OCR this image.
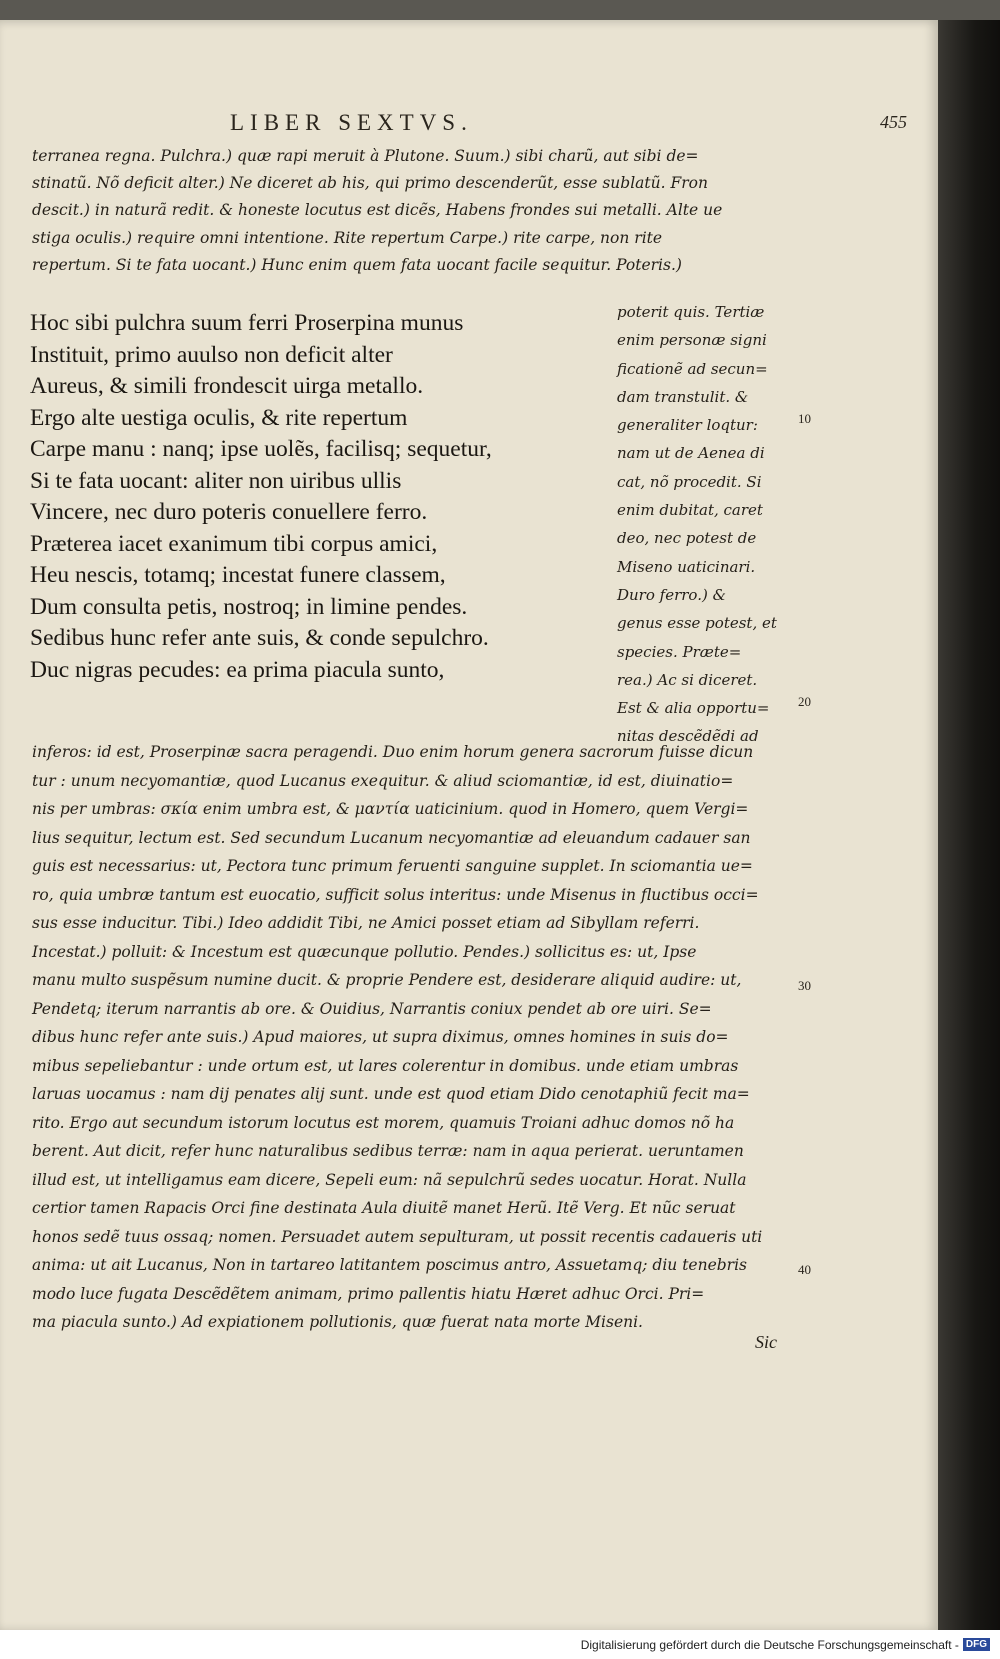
LIBER SEXTVS.	455
terranea regna. Pulchra.) quæ rapi meruit à Plutone. Suum.) sibi charũ, aut sibi de=
stinatũ. Nõ deficit alter.) Ne diceret ab his, qui primo descenderũt, esse sublatũ. Fron
descit.) in naturã redit. & honeste locutus est dicẽs, Habens frondes sui metalli. Alte ue
stiga oculis.) require omni intentione. Rite repertum Carpe.) rite carpe, non rite
repertum. Si te fata uocant.) Hunc enim quem fata uocant facile sequitur. Poteris.)
Hoc sibi pulchra suum ferri Proserpina munus
Instituit, primo auulso non deficit alter
Aureus, & simili frondescit uirga metallo.
Ergo alte uestiga oculis, & rite repertum
Carpe manu : nanq; ipse uolẽs, facilisq; sequetur,
Si te fata uocant: aliter non uiribus ullis
Vincere, nec duro poteris conuellere ferro.
Præterea iacet exanimum tibi corpus amici,
Heu nescis, totamq; incestat funere classem,
Dum consulta petis, nostroq; in limine pendes.
Sedibus hunc refer ante suis, & conde sepulchro.
Duc nigras pecudes: ea prima piacula sunto,
poterit quis. Tertiæ
enim personæ signi
ficationẽ ad secun=
dam transtulit. &
generaliter loqtur:
nam ut de Aenea di
cat, nõ procedit. Si
enim dubitat, caret
deo, nec potest de
Miseno uaticinari.
Duro ferro.) &
genus esse potest, et
species. Præte=
rea.) Ac si diceret.
Est & alia opportu=
nitas descẽdẽdi ad
inferos: id est, Proserpinæ sacra peragendi. Duo enim horum genera sacrorum fuisse dicun
tur : unum necyomantiæ, quod Lucanus exequitur. & aliud sciomantiæ, id est, diuinatio=
nis per umbras: σκία enim umbra est, & μαντία uaticinium. quod in Homero, quem Vergi=
lius sequitur, lectum est. Sed secundum Lucanum necyomantiæ ad eleuandum cadauer san
guis est necessarius: ut, Pectora tunc primum feruenti sanguine supplet. In sciomantia ue=
ro, quia umbræ tantum est euocatio, sufficit solus interitus: unde Misenus in fluctibus occi=
sus esse inducitur. Tibi.) Ideo addidit Tibi, ne Amici posset etiam ad Sibyllam referri.
Incestat.) polluit: & Incestum est quæcunque pollutio. Pendes.) sollicitus es: ut, Ipse
manu multo suspẽsum numine ducit. & proprie Pendere est, desiderare aliquid audire: ut,
Pendetq; iterum narrantis ab ore. & Ouidius, Narrantis coniux pendet ab ore uiri. Se=
dibus hunc refer ante suis.) Apud maiores, ut supra diximus, omnes homines in suis do=
mibus sepeliebantur : unde ortum est, ut lares colerentur in domibus. unde etiam umbras
laruas uocamus : nam dij penates alij sunt. unde est quod etiam Dido cenotaphiũ fecit ma=
rito. Ergo aut secundum istorum locutus est morem, quamuis Troiani adhuc domos nõ ha
berent. Aut dicit, refer hunc naturalibus sedibus terræ: nam in aqua perierat. ueruntamen
illud est, ut intelligamus eam dicere, Sepeli eum: nã sepulchrũ sedes uocatur. Horat. Nulla
certior tamen Rapacis Orci fine destinata Aula diuitẽ manet Herũ. Itẽ Verg. Et nũc seruat
honos sedẽ tuus ossaq; nomen. Persuadet autem sepulturam, ut possit recentis cadaueris uti
anima: ut ait Lucanus, Non in tartareo latitantem poscimus antro, Assuetamq; diu tenebris
modo luce fugata Descẽdẽtem animam, primo pallentis hiatu Hæret adhuc Orci. Pri=
ma piacula sunto.) Ad expiationem pollutionis, quæ fuerat nata morte Miseni.
10
20
30
40
Sic
Digitalisierung gefördert durch die Deutsche Forschungsgemeinschaft - DFG
